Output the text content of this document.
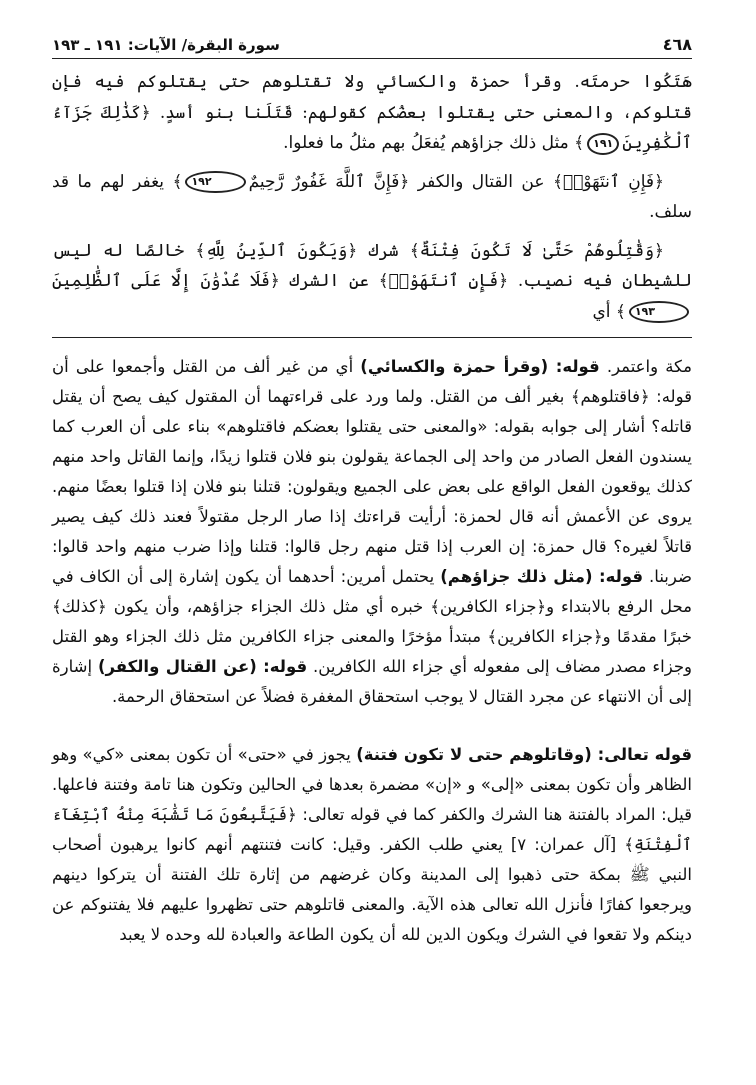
٤٦٨
سورة البقرة/ الآيات: ١٩١ ـ ١٩٣

هَتَكُوا حرمتَه. وقرأ حمزة والكسائي ولا تقتلوهم حتى يقتلوكم فيه فإن قتلوكم، والمعنى حتى يقتلوا بعضُكم كقولهم: قَتَلَنا بنو أسدٍ. ﴿كَذَٰلِكَ جَزَآءُ ٱلْكَٰفِرِينَ١٩١﴾ مثل ذلك جزاؤهم يُفعَلُ بهم مثلُ ما فعلوا.

﴿فَإِنِ ٱنتَهَوْا۟﴾ عن القتال والكفر ﴿فَإِنَّ ٱللَّهَ غَفُورٌ رَّحِيمٌ١٩٢﴾ يغفر لهم ما قد سلف.

﴿وَقَٰتِلُوهُمْ حَتَّىٰ لَا تَكُونَ فِتْنَةٌ﴾ شرك ﴿وَيَكُونَ ٱلدِّينُ لِلَّهِ﴾ خالصًا له ليس للشيطان فيه نصيب. ﴿فَإِنِ ٱنتَهَوْا۟﴾ عن الشرك ﴿فَلَا عُدْوَٰنَ إِلَّا عَلَى ٱلظَّٰلِمِينَ١٩٣﴾ أي

مكة واعتمر. قوله: (وقرأ حمزة والكسائي) أي من غير ألف من القتل وأجمعوا على أن قوله: ﴿فاقتلوهم﴾ بغير ألف من القتل. ولما ورد على قراءتهما أن المقتول كيف يصح أن يقتل قاتله؟ أشار إلى جوابه بقوله: «والمعنى حتى يقتلوا بعضكم فاقتلوهم» بناء على أن العرب كما يسندون الفعل الصادر من واحد إلى الجماعة يقولون بنو فلان قتلوا زيدًا، وإنما القاتل واحد منهم كذلك يوقعون الفعل الواقع على بعض على الجميع ويقولون: قتلنا بنو فلان إذا قتلوا بعضًا منهم. يروى عن الأعمش أنه قال لحمزة: أرأيت قراءتك إذا صار الرجل مقتولاً فعند ذلك كيف يصير قاتلاً لغيره؟ قال حمزة: إن العرب إذا قتل منهم رجل قالوا: قتلنا وإذا ضرب منهم واحد قالوا: ضربنا. قوله: (مثل ذلك جزاؤهم) يحتمل أمرين: أحدهما أن يكون إشارة إلى أن الكاف في محل الرفع بالابتداء و﴿جزاء الكافرين﴾ خبره أي مثل ذلك الجزاء جزاؤهم، وأن يكون ﴿كذلك﴾ خبرًا مقدمًا و﴿جزاء الكافرين﴾ مبتدأ مؤخرًا والمعنى جزاء الكافرين مثل ذلك الجزاء وهو القتل وجزاء مصدر مضاف إلى مفعوله أي جزاء الله الكافرين. قوله: (عن القتال والكفر) إشارة إلى أن الانتهاء عن مجرد القتال لا يوجب استحقاق المغفرة فضلاً عن استحقاق الرحمة.

قوله تعالى: (وقاتلوهم حتى لا تكون فتنة) يجوز في «حتى» أن تكون بمعنى «كي» وهو الظاهر وأن تكون بمعنى «إلى» و «إن» مضمرة بعدها في الحالين وتكون هنا تامة وفتنة فاعلها. قيل: المراد بالفتنة هنا الشرك والكفر كما في قوله تعالى: ﴿فَيَتَّبِعُونَ مَا تَشَٰبَهَ مِنْهُ ٱبْتِغَآءَ ٱلْفِتْنَةِ﴾ [آل عمران: ٧] يعني طلب الكفر. وقيل: كانت فتنتهم أنهم كانوا يرهبون أصحاب النبي ﷺ بمكة حتى ذهبوا إلى المدينة وكان غرضهم من إثارة تلك الفتنة أن يتركوا دينهم ويرجعوا كفارًا فأنزل الله تعالى هذه الآية. والمعنى قاتلوهم حتى تظهروا عليهم فلا يفتنوكم عن دينكم ولا تقعوا في الشرك ويكون الدين لله أن يكون الطاعة والعبادة لله وحده لا يعبد
